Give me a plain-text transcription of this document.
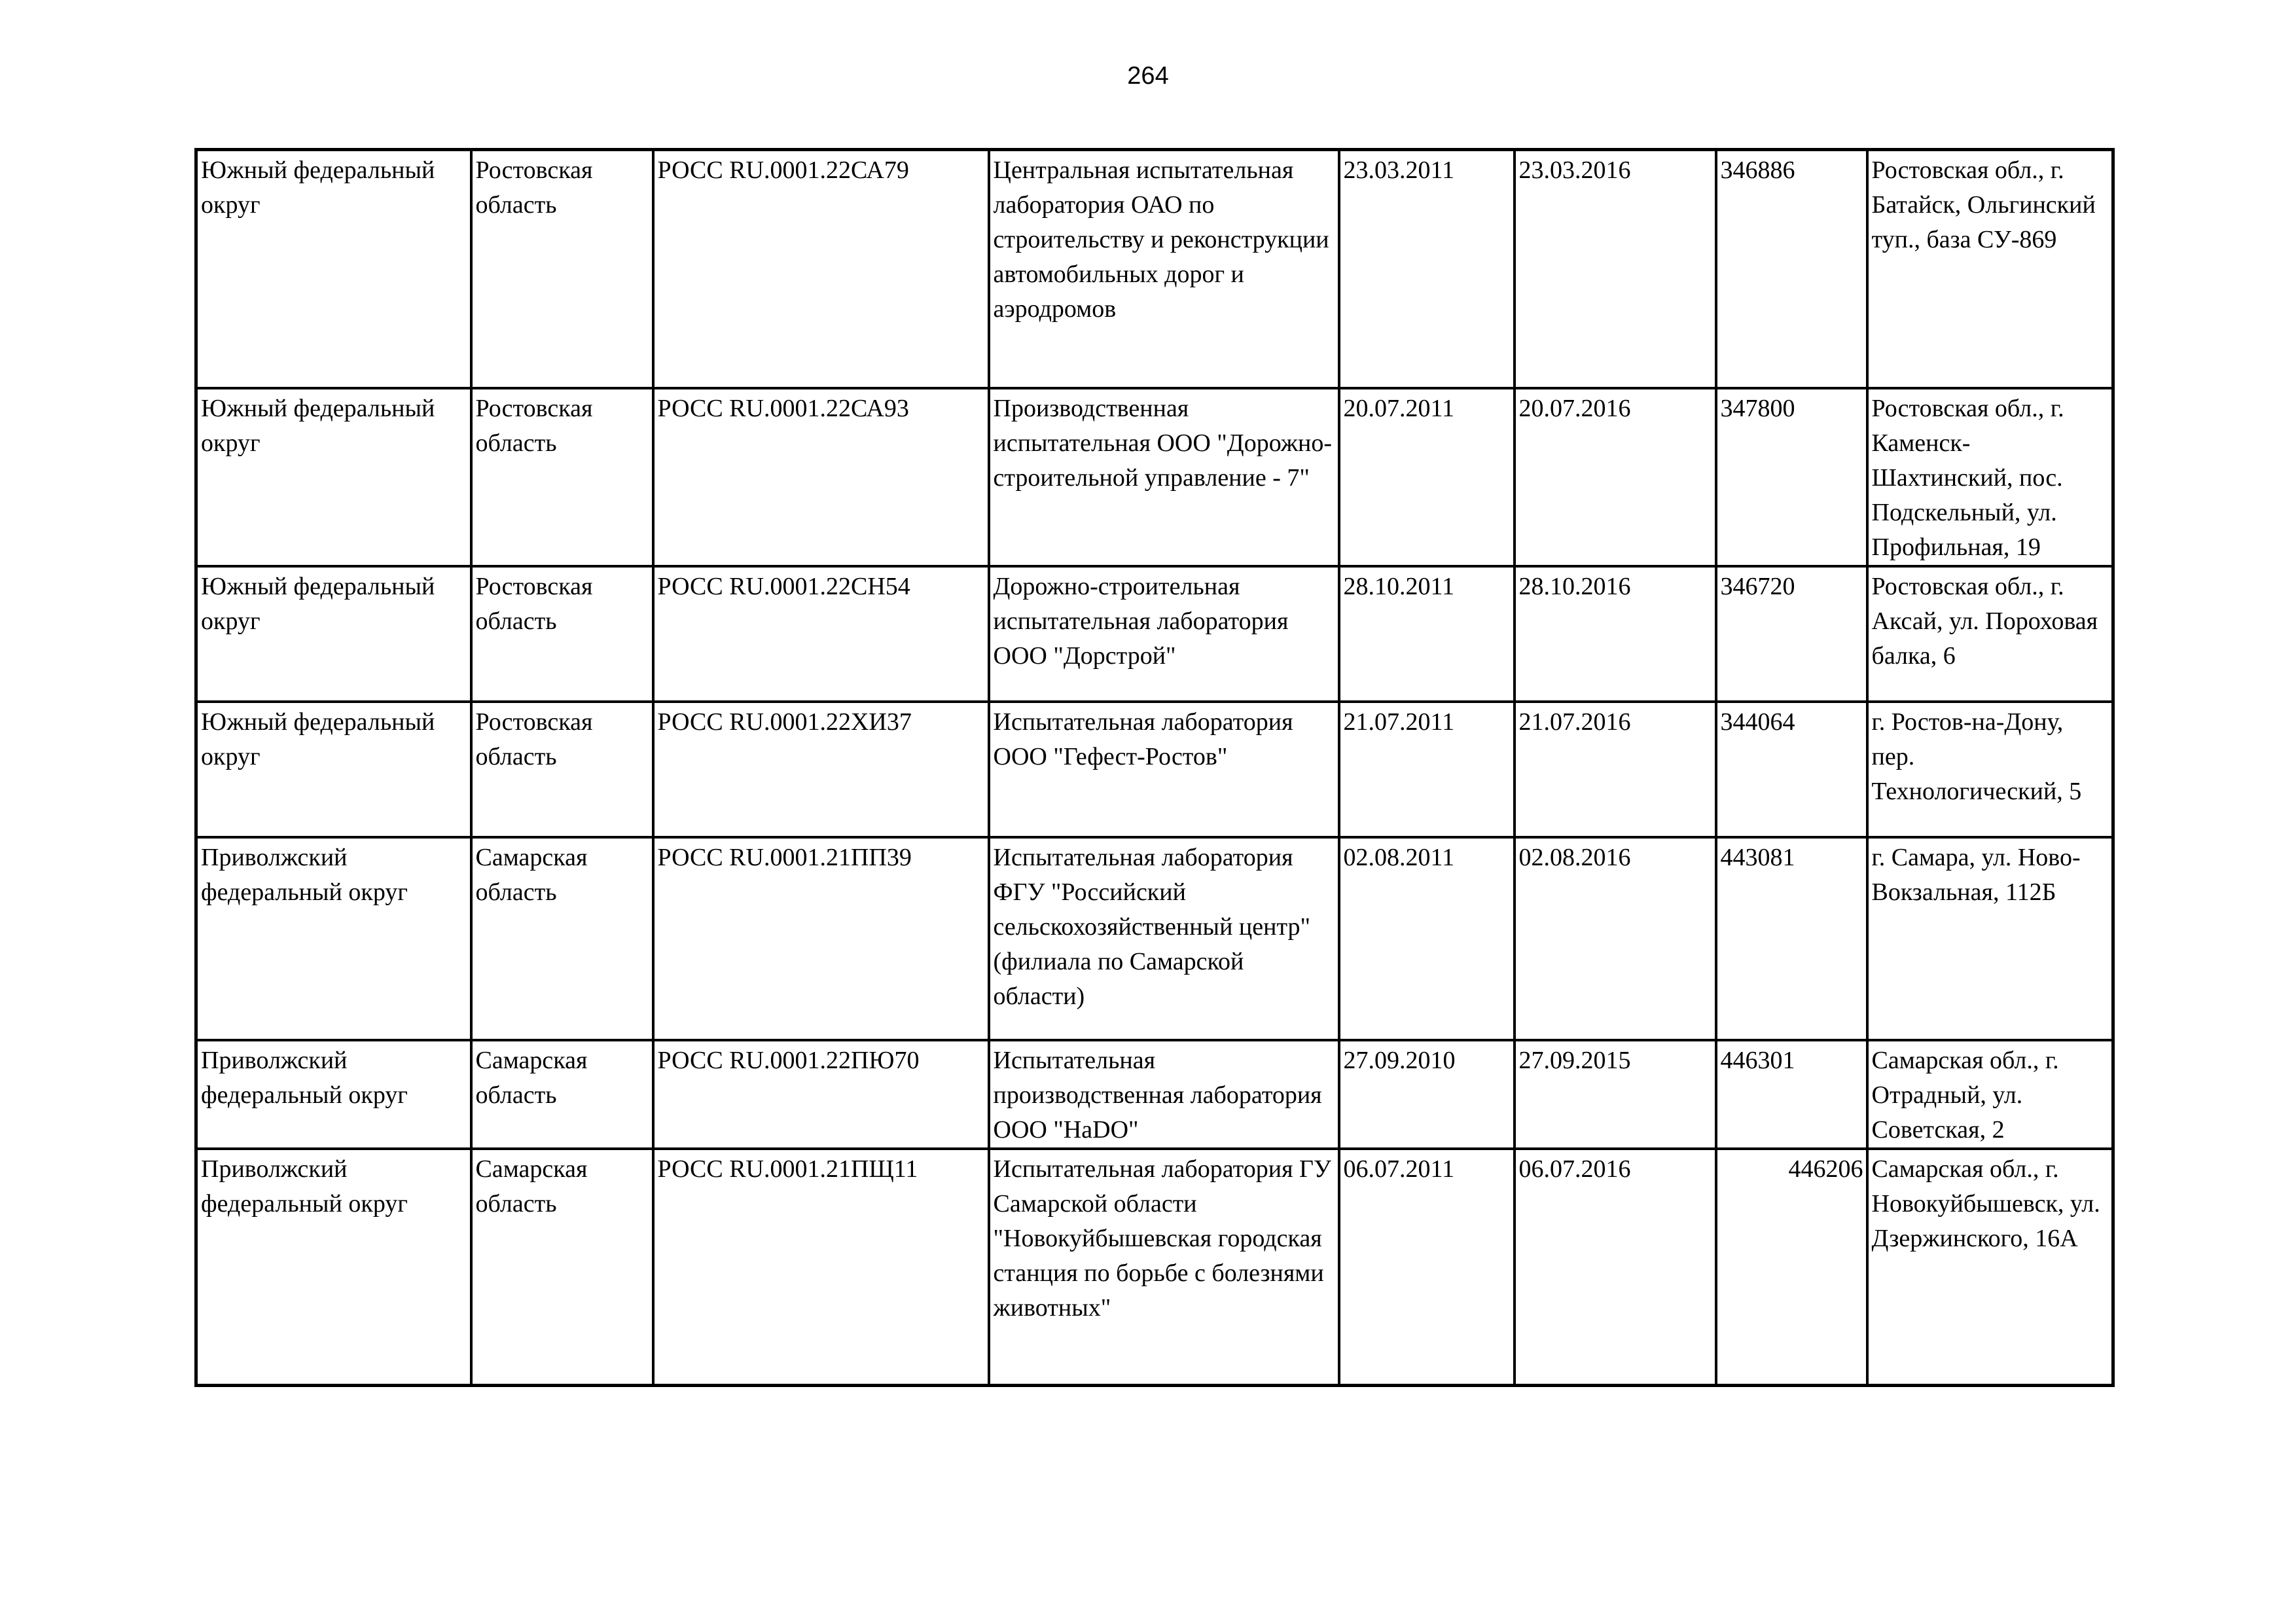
264
Южный федеральный округ	Ростовская область	РОСС RU.0001.22СА79	Центральная испытательная лаборатория ОАО по строительству и реконструкции автомобильных дорог и аэродромов	23.03.2011	23.03.2016	346886	Ростовская обл., г. Батайск, Ольгинский туп., база СУ-869
Южный федеральный округ	Ростовская область	РОСС RU.0001.22СА93	Производственная испытательная ООО "Дорожно-строительной управление - 7"	20.07.2011	20.07.2016	347800	Ростовская обл., г. Каменск-Шахтинский, пос. Подскельный, ул. Профильная, 19
Южный федеральный округ	Ростовская область	РОСС RU.0001.22СН54	Дорожно-строительная испытательная лаборатория ООО "Дорстрой"	28.10.2011	28.10.2016	346720	Ростовская обл., г. Аксай, ул. Пороховая балка, 6
Южный федеральный округ	Ростовская область	РОСС RU.0001.22ХИ37	Испытательная лаборатория ООО "Гефест-Ростов"	21.07.2011	21.07.2016	344064	г. Ростов-на-Дону, пер. Технологический, 5
Приволжский федеральный округ	Самарская область	РОСС RU.0001.21ПП39	Испытательная лаборатория ФГУ "Российский сельскохозяйственный центр" (филиала по Самарской области)	02.08.2011	02.08.2016	443081	г. Самара, ул. Ново-Вокзальная, 112Б
Приволжский федеральный округ	Самарская область	РОСС RU.0001.22ПЮ70	Испытательная производственная лаборатория ООО "НаDO"	27.09.2010	27.09.2015	446301	Самарская обл., г. Отрадный, ул. Советская, 2
Приволжский федеральный округ	Самарская область	РОСС RU.0001.21ПЩ11	Испытательная лаборатория ГУ Самарской области "Новокуйбышевская городская станция по борьбе с болезнями животных"	06.07.2011	06.07.2016	446206	Самарская обл., г. Новокуйбышевск, ул. Дзержинского, 16А
